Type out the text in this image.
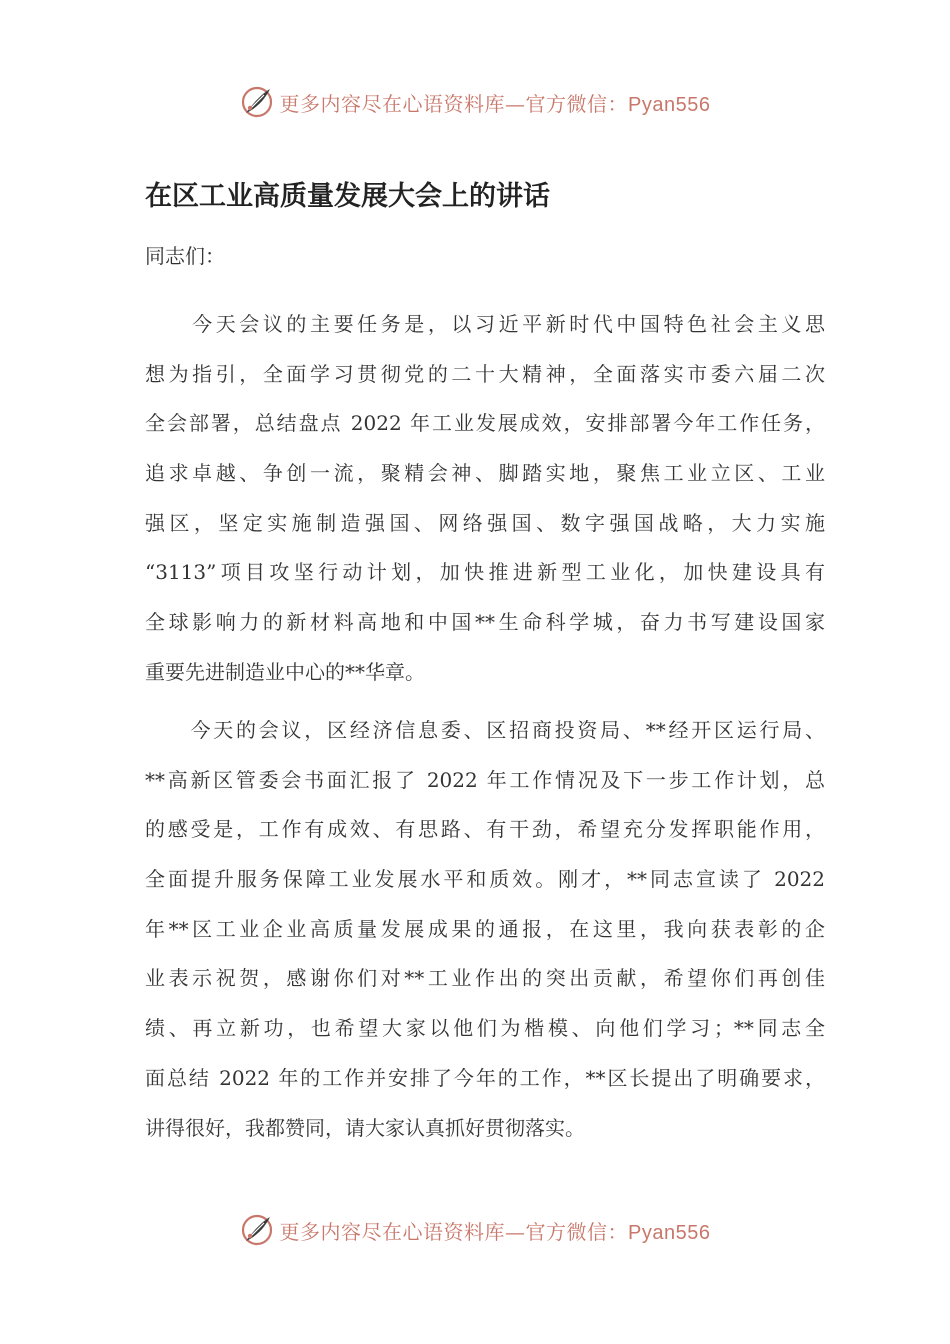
更多内容尽在心语资料库—官方微信：Pyan556
在区工业高质量发展大会上的讲话

同志们：

　　今天会议的主要任务是，以习近平新时代中国特色社会主义思
想为指引，全面学习贯彻党的二十大精神，全面落实市委六届二次
全会部署，总结盘点 2022 年工业发展成效，安排部署今年工作任务，
追求卓越、争创一流，聚精会神、脚踏实地，聚焦工业立区、工业
强区，坚定实施制造强国、网络强国、数字强国战略，大力实施
“3113”项目攻坚行动计划，加快推进新型工业化，加快建设具有
全球影响力的新材料高地和中国**生命科学城，奋力书写建设国家
重要先进制造业中心的**华章。
　　今天的会议，区经济信息委、区招商投资局、**经开区运行局、
**高新区管委会书面汇报了 2022 年工作情况及下一步工作计划，总
的感受是，工作有成效、有思路、有干劲，希望充分发挥职能作用，
全面提升服务保障工业发展水平和质效。刚才，**同志宣读了 2022
年**区工业企业高质量发展成果的通报，在这里，我向获表彰的企
业表示祝贺，感谢你们对**工业作出的突出贡献，希望你们再创佳
绩、再立新功，也希望大家以他们为楷模、向他们学习；**同志全
面总结 2022 年的工作并安排了今年的工作，**区长提出了明确要求，
讲得很好，我都赞同，请大家认真抓好贯彻落实。
更多内容尽在心语资料库—官方微信：Pyan556
